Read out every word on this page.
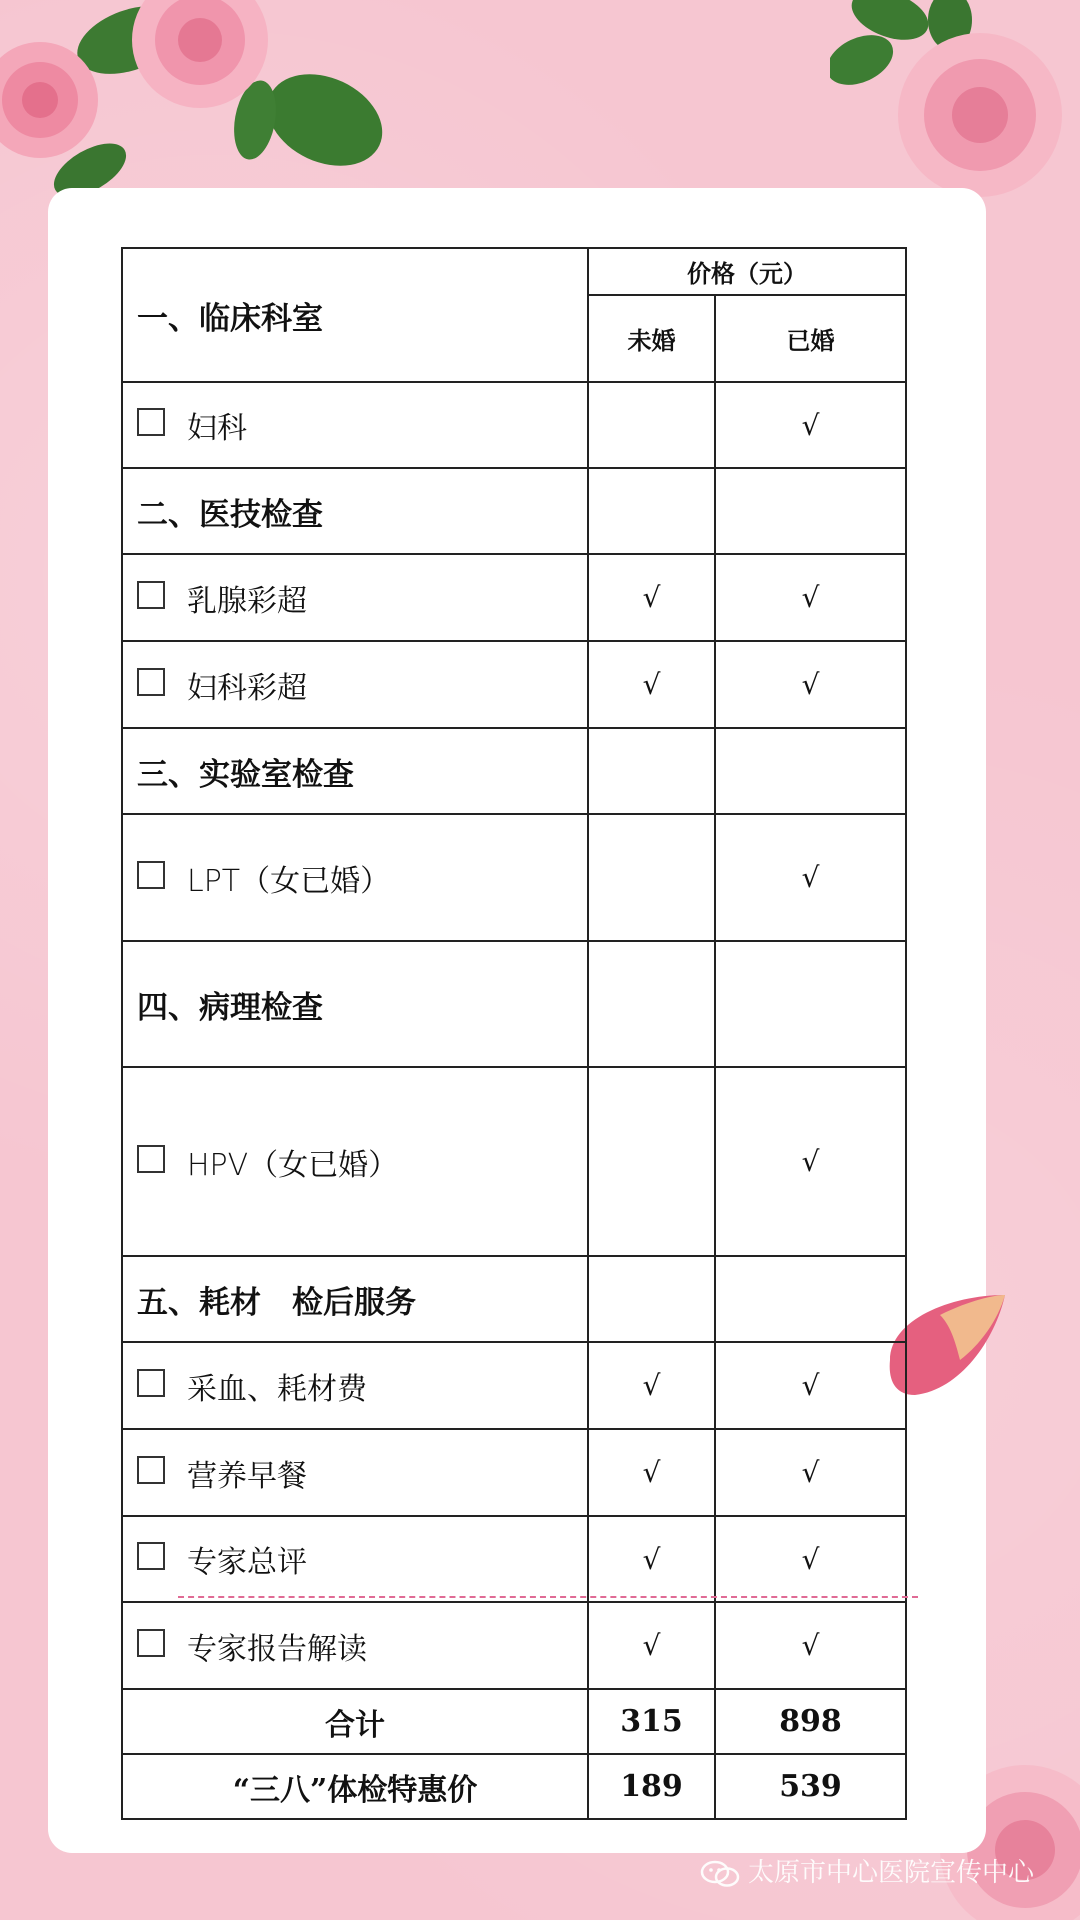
一、临床科室	价格（元）	
	未婚	已婚
妇科		√
二、医技检查		
乳腺彩超	√	√
妇科彩超	√	√
三、实验室检查		
LPT（女已婚）		√
四、病理检查		
HPV（女已婚）		√
五、耗材　检后服务		
采血、耗材费	√	√
营养早餐	√	√
专家总评	√	√
专家报告解读	√	√
合计	315	898
“三八”体检特惠价	189	539
太原市中心医院宣传中心
